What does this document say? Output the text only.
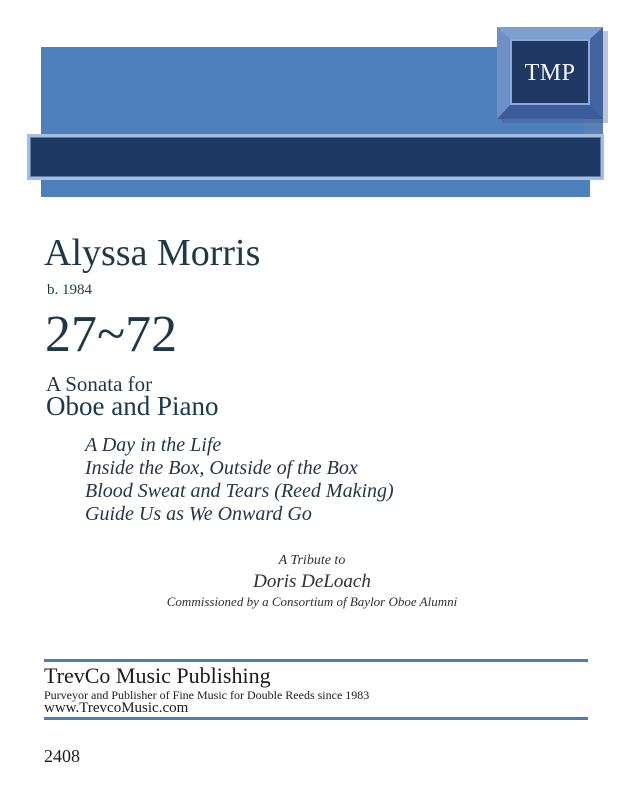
TMP
Alyssa Morris
b. 1984
27~72
A Sonata for
Oboe and Piano
A Day in the Life
Inside the Box, Outside of the Box
Blood Sweat and Tears (Reed Making)
Guide Us as We Onward Go
A Tribute to
Doris DeLoach
Commissioned by a Consortium of Baylor Oboe Alumni
TrevCo Music Publishing
Purveyor and Publisher of Fine Music for Double Reeds since 1983
www.TrevcoMusic.com
2408
